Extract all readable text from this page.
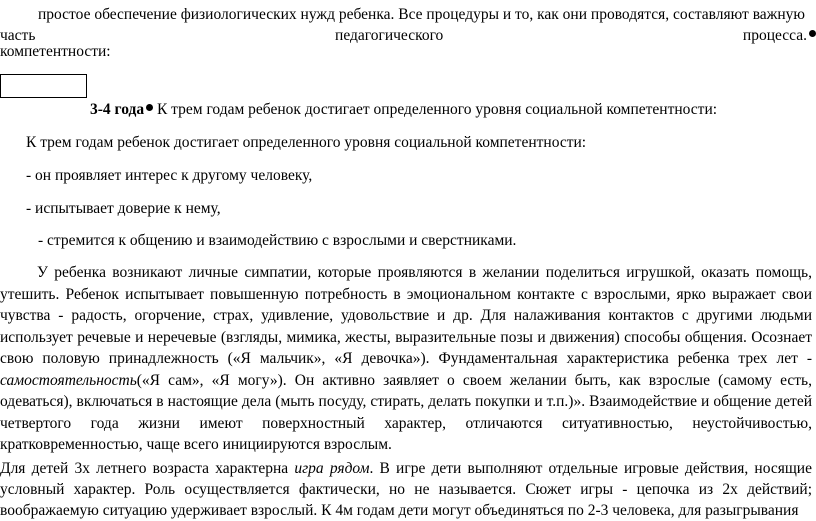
простое обеспечение физиологических нужд ребенка. Все процедуры и то, как они проводятся, составляют важную
часть	педагогического	процесса.
компетентности:
3-4 года К трем годам ребенок достигает определенного уровня социальной компетентности:
К трем годам ребенок достигает определенного уровня социальной компетентности:
- он проявляет интерес к другому человеку,
- испытывает доверие к нему,
- стремится к общению и взаимодействию с взрослыми и сверстниками.
У ребенка возникают личные симпатии, которые проявляются в желании поделиться игрушкой, оказать помощь, утешить. Ребенок испытывает повышенную потребность в эмоциональном контакте с взрослыми, ярко выражает свои чувства - радость, огорчение, страх, удивление, удовольствие и др. Для налаживания контактов с другими людьми использует речевые и неречевые (взгляды, мимика, жесты, выразительные позы и движения) способы общения. Осознает свою половую принадлежность («Я мальчик», «Я девочка»). Фундаментальная характеристика ребенка трех лет - самостоятельность(«Я сам», «Я могу»). Он активно заявляет о своем желании быть, как взрослые (самому есть, одеваться), включаться в настоящие дела (мыть посуду, стирать, делать покупки и т.п.)». Взаимодействие и общение детей четвертого года жизни имеют поверхностный характер, отличаются ситуативностью, неустойчивостью, кратковременностью, чаще всего инициируются взрослым.
Для детей 3х летнего возраста характерна игра рядом. В игре дети выполняют отдельные игровые действия, носящие условный характер. Роль осуществляется фактически, но не называется. Сюжет игры - цепочка из 2х действий; воображаемую ситуацию удерживает взрослый. К 4м годам дети могут объединяться по 2-3 человека, для разыгрывания
